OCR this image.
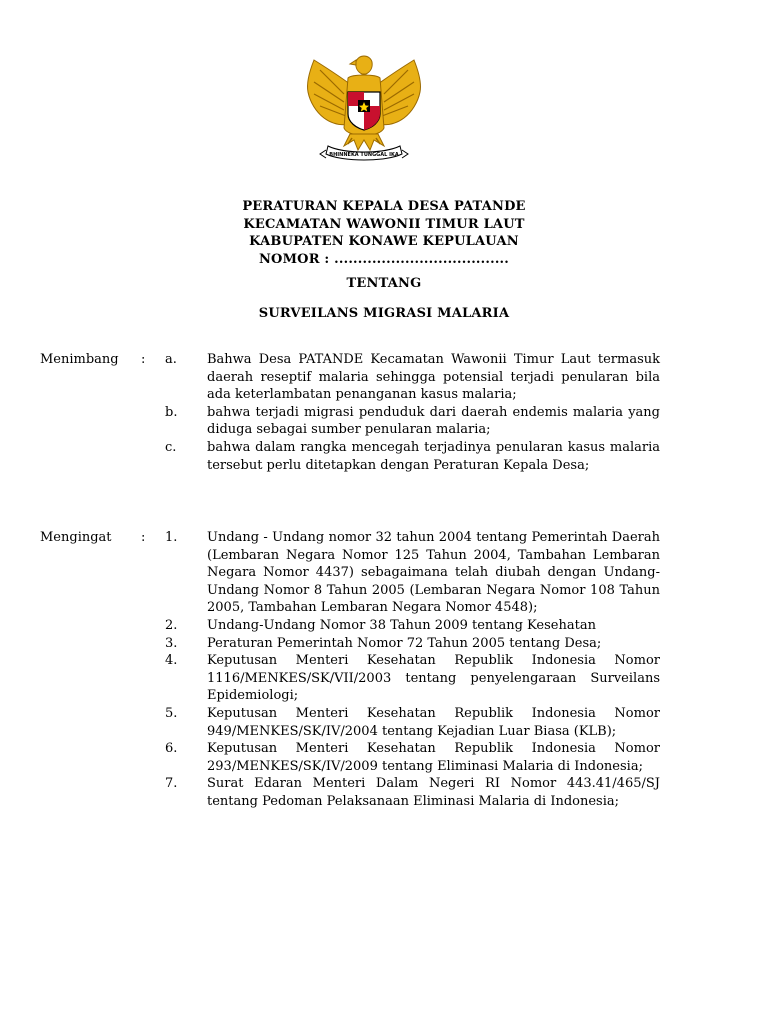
BHINNEKA TUNGGAL IKA
PERATURAN KEPALA DESA PATANDE
KECAMATAN WAWONII TIMUR LAUT
KABUPATEN KONAWE KEPULAUAN
NOMOR : .....................................
TENTANG
SURVEILANS MIGRASI MALARIA
Menimbang : a. Bahwa Desa PATANDE Kecamatan Wawonii Timur Laut termasuk daerah reseptif malaria sehingga potensial terjadi penularan bila ada keterlambatan penanganan kasus malaria;
b. bahwa terjadi migrasi penduduk dari daerah endemis malaria yang diduga sebagai sumber penularan malaria;
c. bahwa dalam rangka mencegah terjadinya penularan kasus malaria tersebut perlu ditetapkan dengan Peraturan Kepala Desa;
Mengingat : 1. Undang - Undang nomor 32 tahun 2004 tentang Pemerintah Daerah (Lembaran Negara Nomor 125 Tahun 2004, Tambahan Lembaran Negara Nomor 4437) sebagaimana telah diubah dengan Undang-Undang Nomor 8 Tahun 2005 (Lembaran Negara Nomor 108 Tahun 2005, Tambahan Lembaran Negara Nomor 4548);
2. Undang-Undang Nomor 38 Tahun 2009 tentang Kesehatan
3. Peraturan Pemerintah Nomor 72 Tahun 2005 tentang Desa;
4. Keputusan Menteri Kesehatan Republik Indonesia Nomor 1116/MENKES/SK/VII/2003 tentang penyelengaraan Surveilans Epidemiologi;
5. Keputusan Menteri Kesehatan Republik Indonesia Nomor 949/MENKES/SK/IV/2004 tentang Kejadian Luar Biasa (KLB);
6. Keputusan Menteri Kesehatan Republik Indonesia Nomor 293/MENKES/SK/IV/2009 tentang Eliminasi Malaria di Indonesia;
7. Surat Edaran Menteri Dalam Negeri RI Nomor 443.41/465/SJ tentang Pedoman Pelaksanaan Eliminasi Malaria di Indonesia;
